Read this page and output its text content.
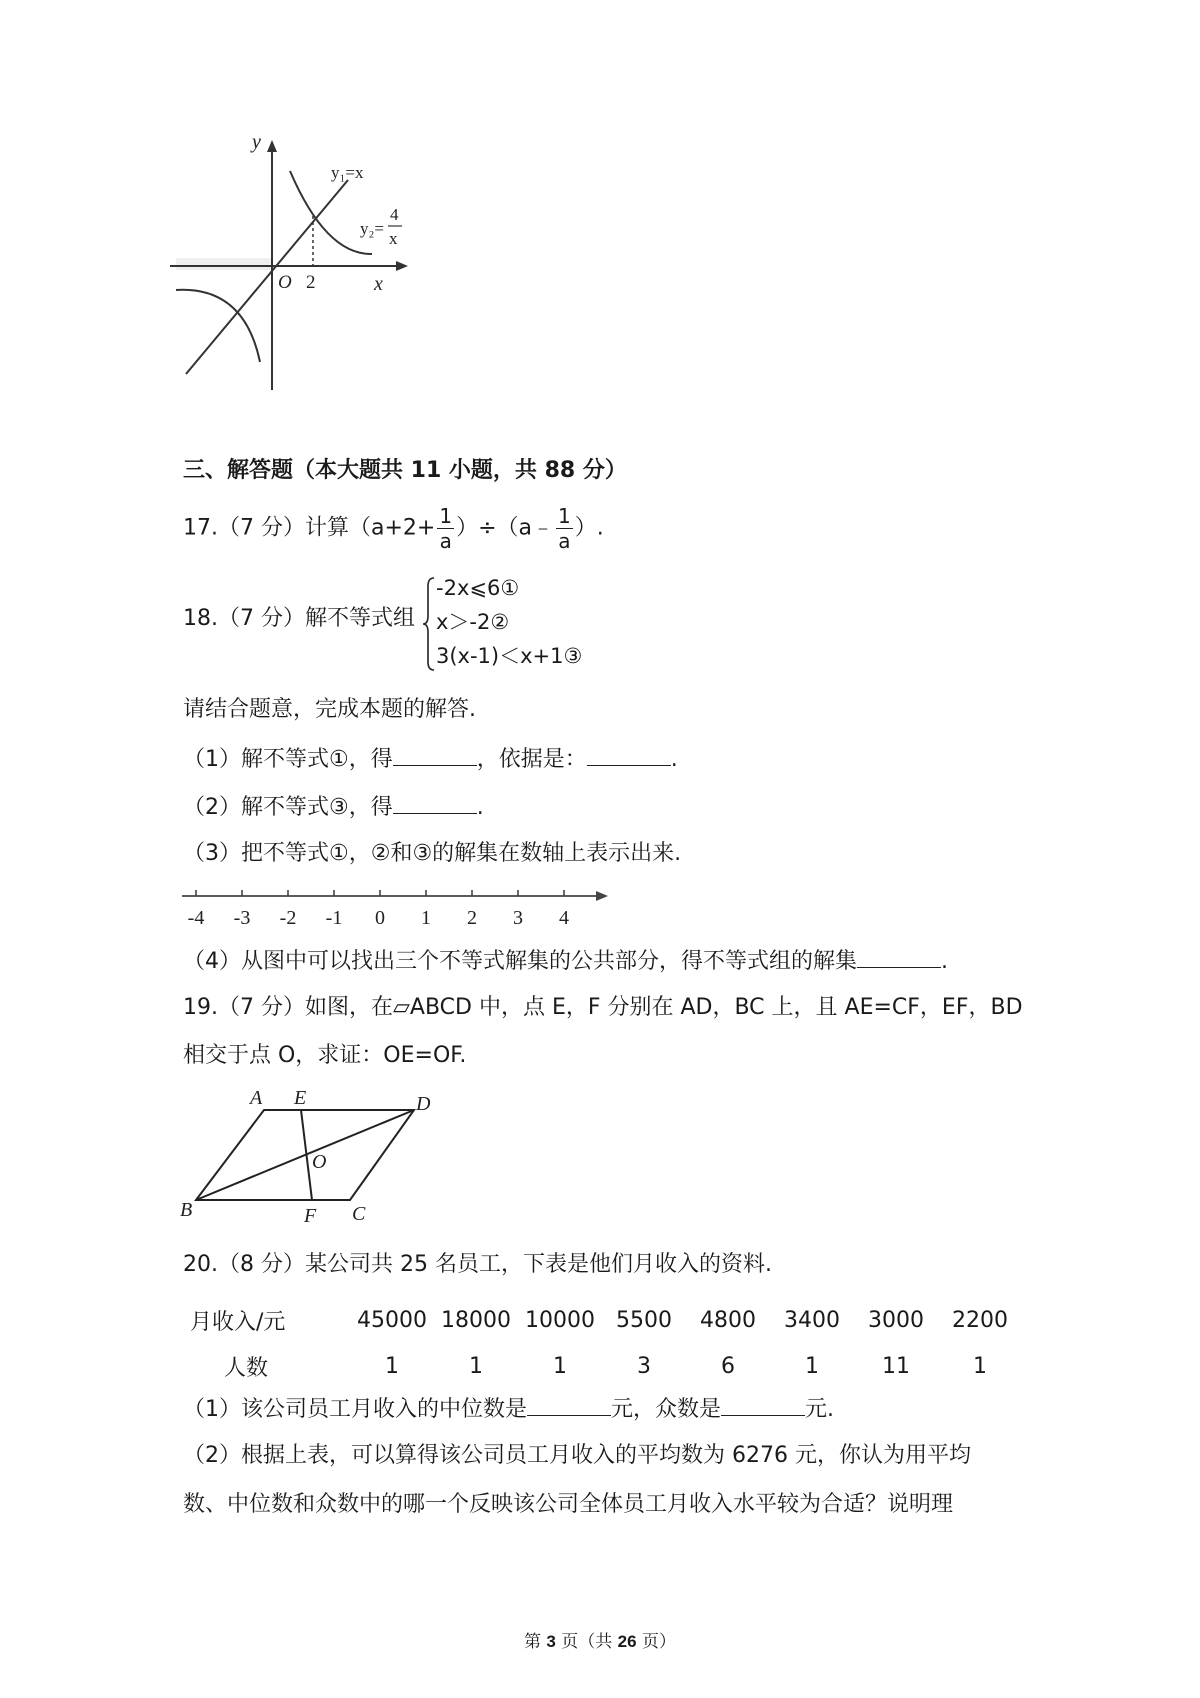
y
x
O 2
y₁=x
y₂=
4
x
三、解答题（本大题共 11 小题，共 88 分）
17.（7 分）计算（$a+2+ \frac{1}{a}$ ）÷（a﹣ $\frac{1}{a}$ ）.
18.（7 分）解不等式组
-2x⩽6①
x＞-2②
3(x-1)＜x+1③
请结合题意，完成本题的解答.
（1）解不等式①，得	，依据是：	.
（2）解不等式③，得	.
（3）把不等式①，②和③的解集在数轴上表示出来.
-4 -3 -2 -1 0 1 2 3 4
（4）从图中可以找出三个不等式解集的公共部分，得不等式组的解集	.
19.（7 分）如图，在▱ABCD 中，点 E，F 分别在 AD，BC 上，且 AE=CF，EF，BD
相交于点 O，求证：OE=OF.
A E	D
O
B	F C
20.（8 分）某公司共 25 名员工，下表是他们月收入的资料.
月收入/元	45000	18000	10000	5500	4800	3400	3000	2200
人数	1	1	1	3	6	1	11	1
（1）该公司员工月收入的中位数是	元，众数是	元.
（2）根据上表，可以算得该公司员工月收入的平均数为 6276 元，你认为用平均
数、中位数和众数中的哪一个反映该公司全体员工月收入水平较为合适？说明理
第 3 页（共 26 页）
